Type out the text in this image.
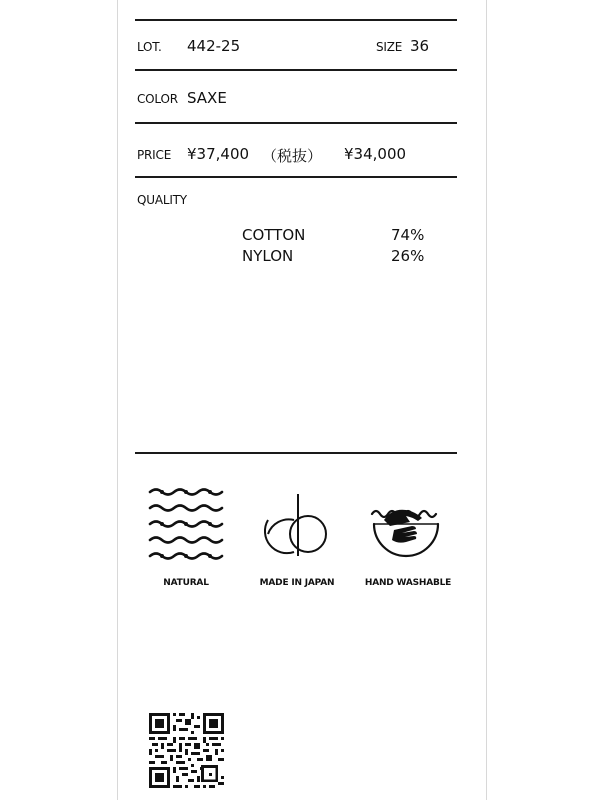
LOT. 442-25	SIZE 36
COLOR SAXE
PRICE ¥37,400 （税抜） ¥34,000
QUALITY
COTTON	74%
NYLON	26%
NATURAL	MADE IN JAPAN	HAND WASHABLE
